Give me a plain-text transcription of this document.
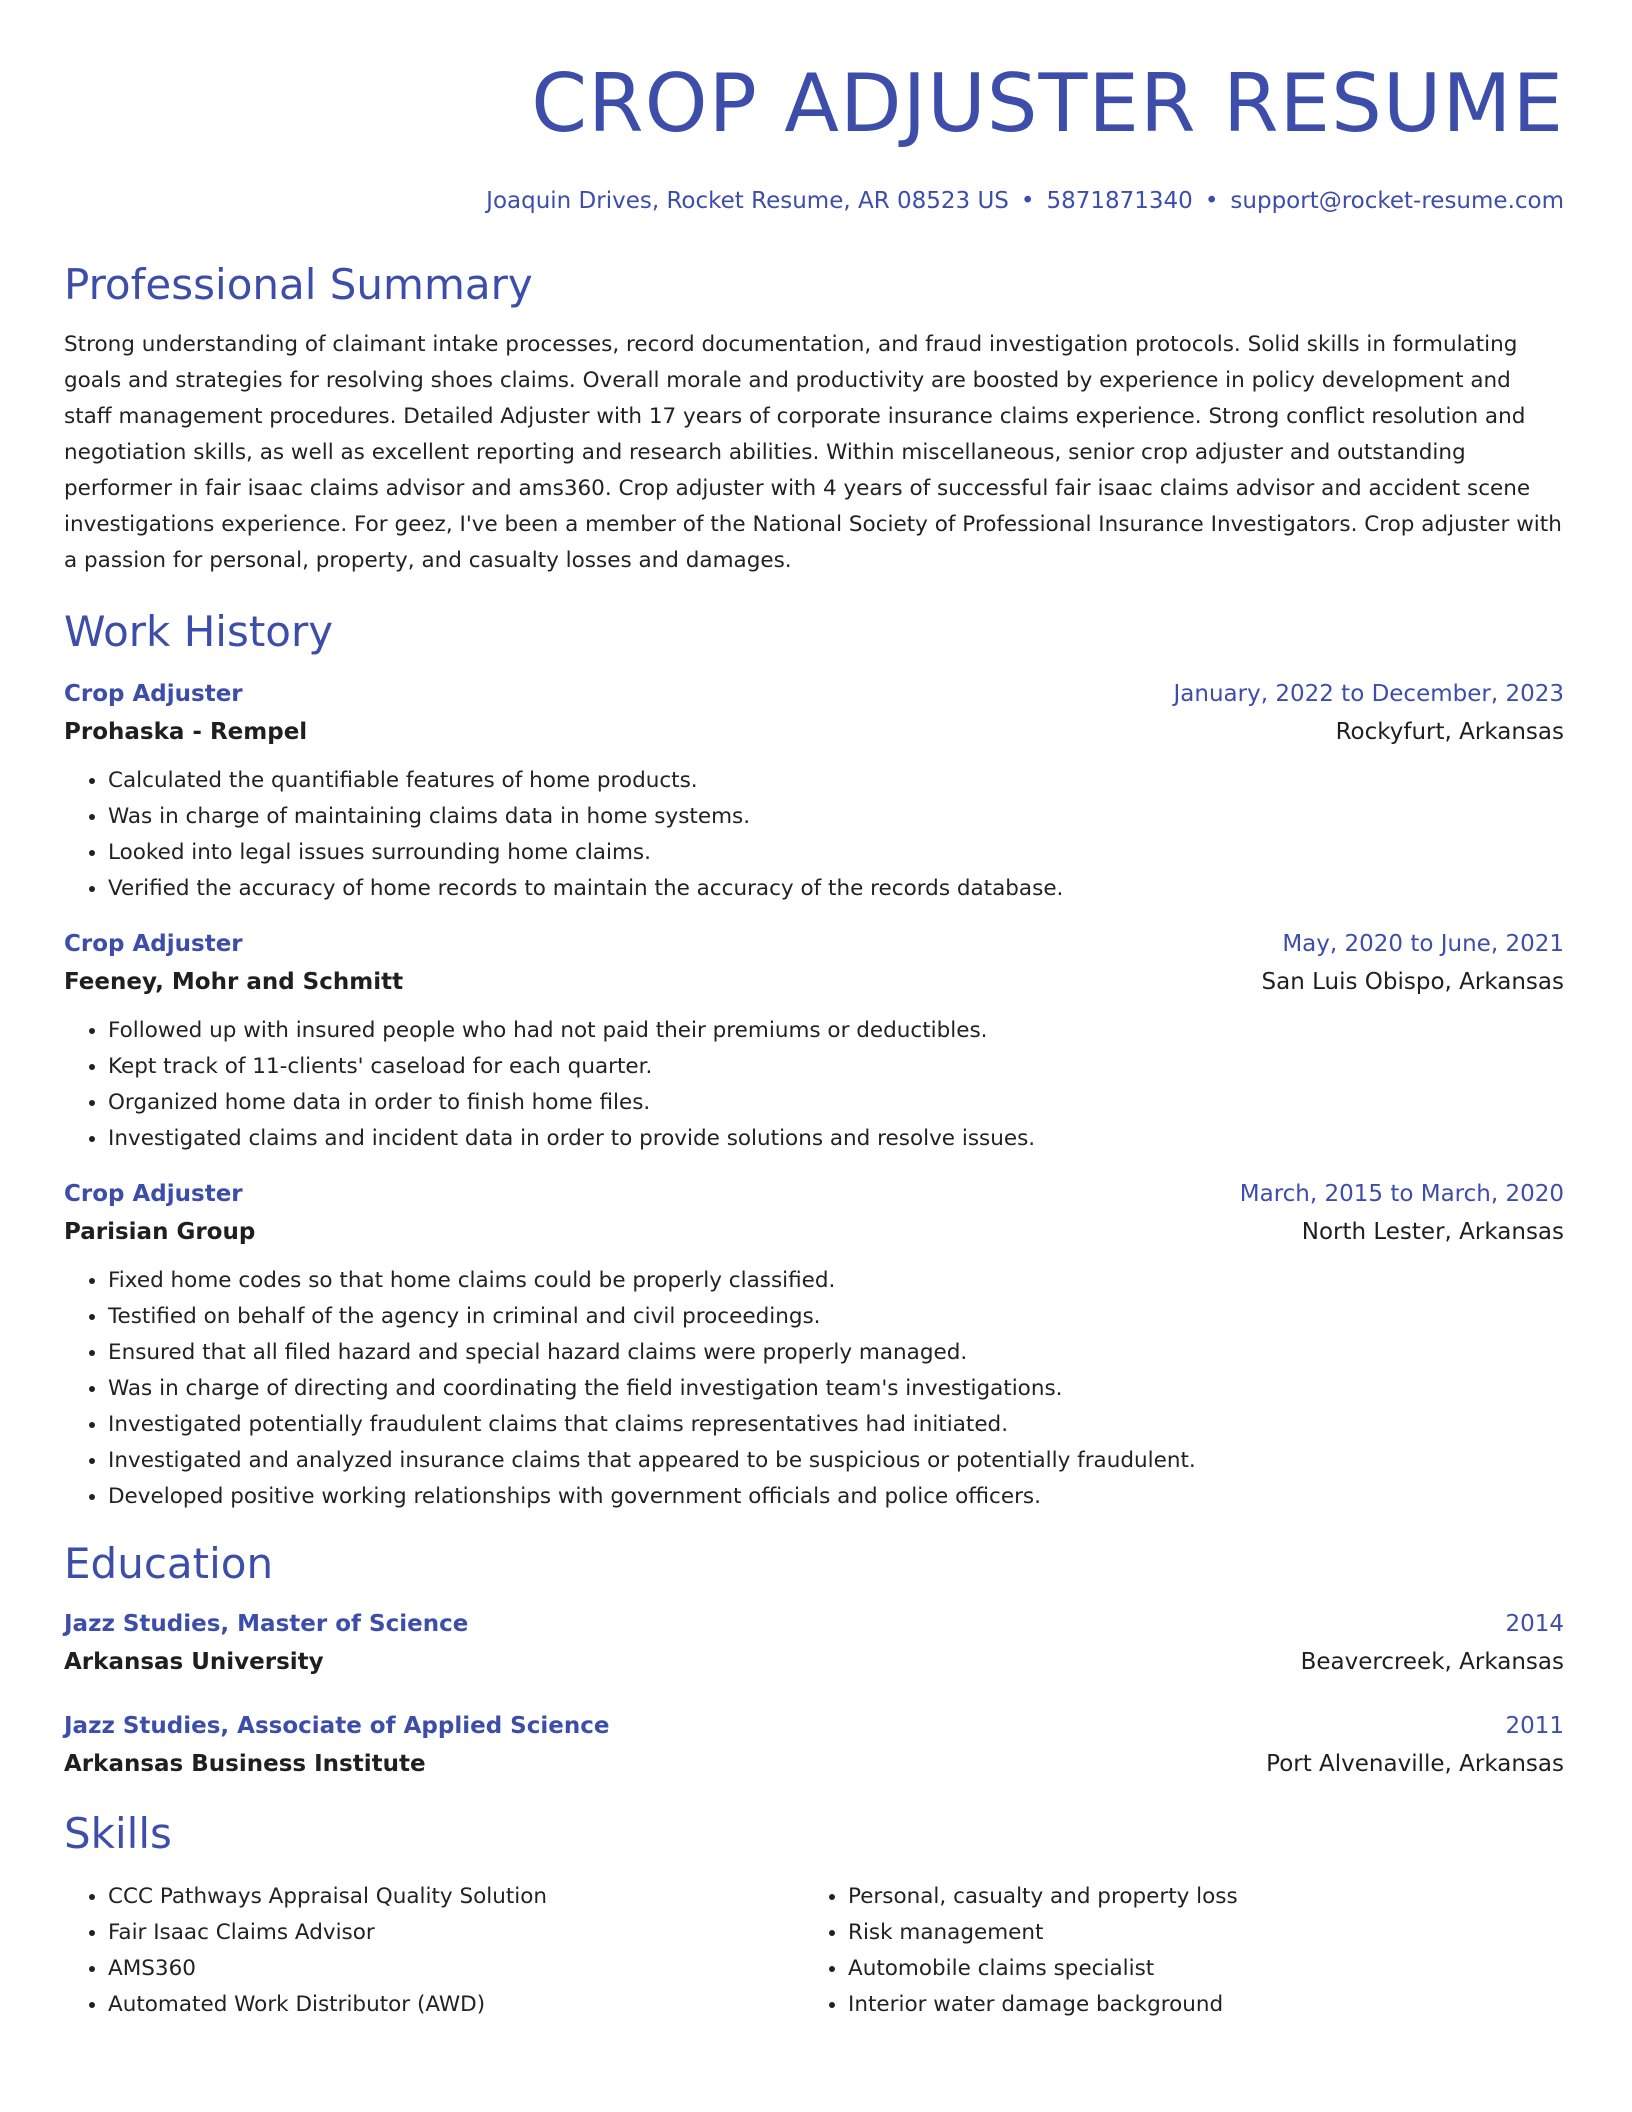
CROP ADJUSTER RESUME
Joaquin Drives, Rocket Resume, AR 08523 US • 5871871340 • support@rocket-resume.com
Professional Summary
Strong understanding of claimant intake processes, record documentation, and fraud investigation protocols. Solid skills in formulating goals and strategies for resolving shoes claims. Overall morale and productivity are boosted by experience in policy development and staff management procedures. Detailed Adjuster with 17 years of corporate insurance claims experience. Strong conflict resolution and negotiation skills, as well as excellent reporting and research abilities. Within miscellaneous, senior crop adjuster and outstanding performer in fair isaac claims advisor and ams360. Crop adjuster with 4 years of successful fair isaac claims advisor and accident scene investigations experience. For geez, I've been a member of the National Society of Professional Insurance Investigators. Crop adjuster with a passion for personal, property, and casualty losses and damages.
Work History
Crop Adjuster	January, 2022 to December, 2023
Prohaska - Rempel	Rockyfurt, Arkansas
• Calculated the quantifiable features of home products.
• Was in charge of maintaining claims data in home systems.
• Looked into legal issues surrounding home claims.
• Verified the accuracy of home records to maintain the accuracy of the records database.
Crop Adjuster	May, 2020 to June, 2021
Feeney, Mohr and Schmitt	San Luis Obispo, Arkansas
• Followed up with insured people who had not paid their premiums or deductibles.
• Kept track of 11-clients' caseload for each quarter.
• Organized home data in order to finish home files.
• Investigated claims and incident data in order to provide solutions and resolve issues.
Crop Adjuster	March, 2015 to March, 2020
Parisian Group	North Lester, Arkansas
• Fixed home codes so that home claims could be properly classified.
• Testified on behalf of the agency in criminal and civil proceedings.
• Ensured that all filed hazard and special hazard claims were properly managed.
• Was in charge of directing and coordinating the field investigation team's investigations.
• Investigated potentially fraudulent claims that claims representatives had initiated.
• Investigated and analyzed insurance claims that appeared to be suspicious or potentially fraudulent.
• Developed positive working relationships with government officials and police officers.
Education
Jazz Studies, Master of Science	2014
Arkansas University	Beavercreek, Arkansas
Jazz Studies, Associate of Applied Science	2011
Arkansas Business Institute	Port Alvenaville, Arkansas
Skills
• CCC Pathways Appraisal Quality Solution
• Fair Isaac Claims Advisor
• AMS360
• Automated Work Distributor (AWD)
• Personal, casualty and property loss
• Risk management
• Automobile claims specialist
• Interior water damage background
